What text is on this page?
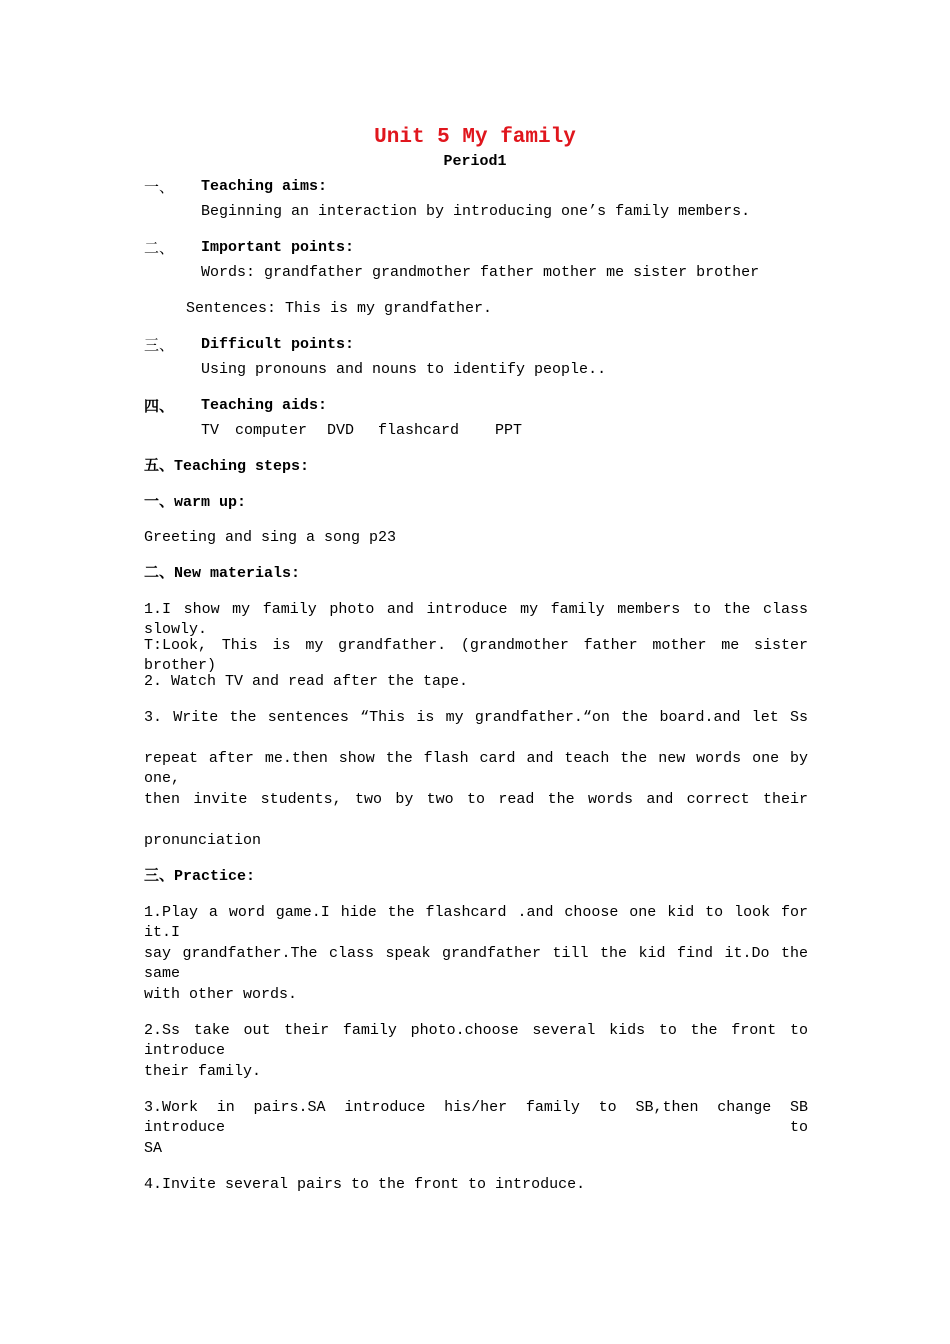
Unit 5 My family
Period1
一、 Teaching aims:
Beginning an interaction by introducing one’s family members.
二、 Important points:
Words: grandfather grandmother father mother me sister brother
Sentences: This is my grandfather.
三、 Difficult points:
Using pronouns and nouns to identify people..
四、 Teaching aids:
TV computer DVD flashcard PPT
五、Teaching steps:
一、warm up:
Greeting and sing a song p23
二、New materials:
1.I show my family photo and introduce my family members to the class slowly.
T:Look, This is my grandfather. (grandmother father mother me sister brother)
2. Watch TV and read after the tape.
3. Write the sentences “This is my grandfather.“on the board.and let Ss
repeat after me.then show the flash card and teach the new words one by one,
then invite students, two by two to read the words and correct their
pronunciation
三、Practice:
1.Play a word game.I hide the flashcard .and choose one kid to look for it.I
say grandfather.The class speak grandfather till the kid find it.Do the same
with other words.
2.Ss take out their family photo.choose several kids to the front to introduce
their family.
3.Work in pairs.SA introduce his/her family to SB,then change SB introduce to
SA
4.Invite several pairs to the front to introduce.
